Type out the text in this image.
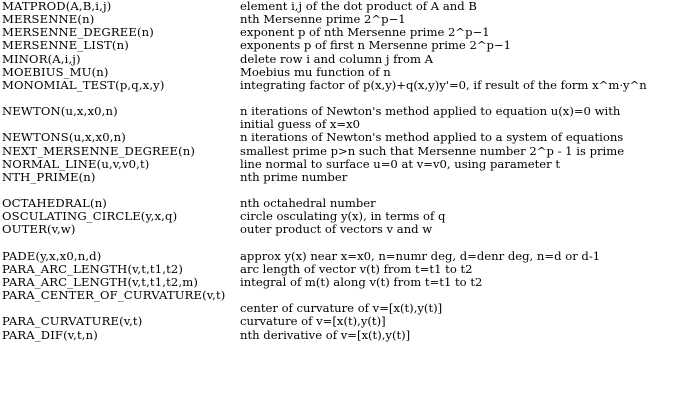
MATPROD(A,B,i,j)	element i,j of the dot product of A and B
MERSENNE(n)	nth Mersenne prime 2^p−1
MERSENNE_DEGREE(n)	exponent p of nth Mersenne prime 2^p−1
MERSENNE_LIST(n)	exponents p of first n Mersenne prime 2^p−1
MINOR(A,i,j)	delete row i and column j from A
MOEBIUS_MU(n)	Moebius mu function of n
MONOMIAL_TEST(p,q,x,y)	integrating factor of p(x,y)+q(x,y)y'=0, if result of the form x^m·y^n
NEWTON(u,x,x0,n)	n iterations of Newton's method applied to equation u(x)=0 with
initial guess of x=x0
NEWTONS(u,x,x0,n)	n iterations of Newton's method applied to a system of equations
NEXT_MERSENNE_DEGREE(n)	smallest prime p>n such that Mersenne number 2^p - 1 is prime
NORMAL_LINE(u,v,v0,t)	line normal to surface u=0 at v=v0, using parameter t
NTH_PRIME(n)	nth prime number
OCTAHEDRAL(n)	nth octahedral number
OSCULATING_CIRCLE(y,x,q)	circle osculating y(x), in terms of q
OUTER(v,w)	outer product of vectors v and w
PADE(y,x,x0,n,d)	approx y(x) near x=x0, n=numr deg, d=denr deg, n=d or d-1
PARA_ARC_LENGTH(v,t,t1,t2)	arc length of vector v(t) from t=t1 to t2
PARA_ARC_LENGTH(v,t,t1,t2,m)	integral of m(t) along v(t) from t=t1 to t2
PARA_CENTER_OF_CURVATURE(v,t)
center of curvature of v=[x(t),y(t)]
PARA_CURVATURE(v,t)	curvature of v=[x(t),y(t)]
PARA_DIF(v,t,n)	nth derivative of v=[x(t),y(t)]
